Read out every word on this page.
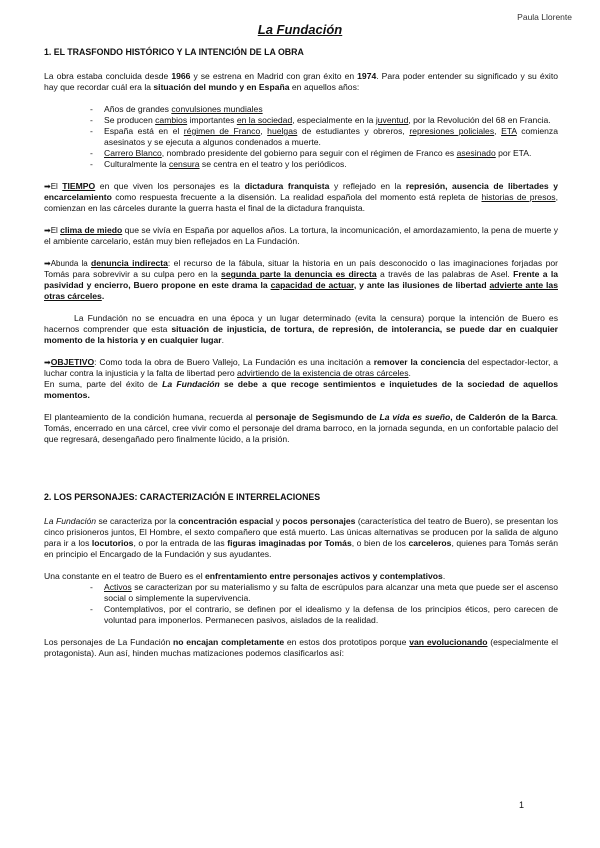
Paula Llorente
La Fundación
1. EL TRASFONDO HISTÓRICO Y LA INTENCIÓN DE LA OBRA

La obra estaba concluida desde 1966 y se estrena en Madrid con gran éxito en 1974. Para poder entender su significado y su éxito hay que recordar cuál era la situación del mundo y en España en aquellos años:

- Años de grandes convulsiones mundiales
- Se producen cambios importantes en la sociedad, especialmente en la juventud, por la Revolución del 68 en Francia.
- España está en el régimen de Franco, huelgas de estudiantes y obreros, represiones policiales, ETA comienza asesinatos y se ejecuta a algunos condenados a muerte.
- Carrero Blanco, nombrado presidente del gobierno para seguir con el régimen de Franco es asesinado por ETA.
- Culturalmente la censura se centra en el teatro y los periódicos.

➡El TIEMPO en que viven los personajes es la dictadura franquista y reflejado en la represión, ausencia de libertades y encarcelamiento como respuesta frecuente a la disensión. La realidad española del momento está repleta de historias de presos, comienzan en las cárceles durante la guerra hasta el final de la dictadura franquista.

➡El clima de miedo que se vivía en España por aquellos años. La tortura, la incomunicación, el amordazamiento, la pena de muerte y el ambiente carcelario, están muy bien reflejados en La Fundación.

➡Abunda la denuncia indirecta: el recurso de la fábula, situar la historia en un país desconocido o las imaginaciones forjadas por Tomás para sobrevivir a su culpa pero en la segunda parte la denuncia es directa a través de las palabras de Asel. Frente a la pasividad y encierro, Buero propone en este drama la capacidad de actuar, y ante las ilusiones de libertad advierte ante las otras cárceles.

La Fundación no se encuadra en una época y un lugar determinado (evita la censura) porque la intención de Buero es hacernos comprender que esta situación de injusticia, de tortura, de represión, de intolerancia, se puede dar en cualquier momento de la historia y en cualquier lugar.

➡OBJETIVO: Como toda la obra de Buero Vallejo, La Fundación es una incitación a remover la conciencia del espectador-lector, a luchar contra la injusticia y la falta de libertad pero advirtiendo de la existencia de otras cárceles.

En suma, parte del éxito de La Fundación se debe a que recoge sentimientos e inquietudes de la sociedad de aquellos momentos.

El planteamiento de la condición humana, recuerda al personaje de Segismundo de La vida es sueño, de Calderón de la Barca. Tomás, encerrado en una cárcel, cree vivir como el personaje del drama barroco, en la jornada segunda, en un confortable palacio del que regresará, desengañado pero finalmente lúcido, a la prisión.

2. LOS PERSONAJES: CARACTERIZACIÓN E INTERRELACIONES

La Fundación se caracteriza por la concentración espacial y pocos personajes (característica del teatro de Buero), se presentan los cinco prisioneros juntos, El Hombre, el sexto compañero que está muerto. Las únicas alternativas se producen por la salida de alguno para ir a los locutorios, o por la entrada de las figuras imaginadas por Tomás, o bien de los carceleros, quienes para Tomás serán en principio el Encargado de la Fundación y sus ayudantes.

Una constante en el teatro de Buero es el enfrentamiento entre personajes activos y contemplativos.

- Activos se caracterizan por su materialismo y su falta de escrúpulos para alcanzar una meta que puede ser el ascenso social o simplemente la supervivencia.
- Contemplativos, por el contrario, se definen por el idealismo y la defensa de los principios éticos, pero carecen de voluntad para imponerlos. Permanecen pasivos, aislados de la realidad.

Los personajes de La Fundación no encajan completamente en estos dos prototipos porque van evolucionando (especialmente el protagonista). Aun así, hinden muchas matizaciones podemos clasificarlos así:

1
